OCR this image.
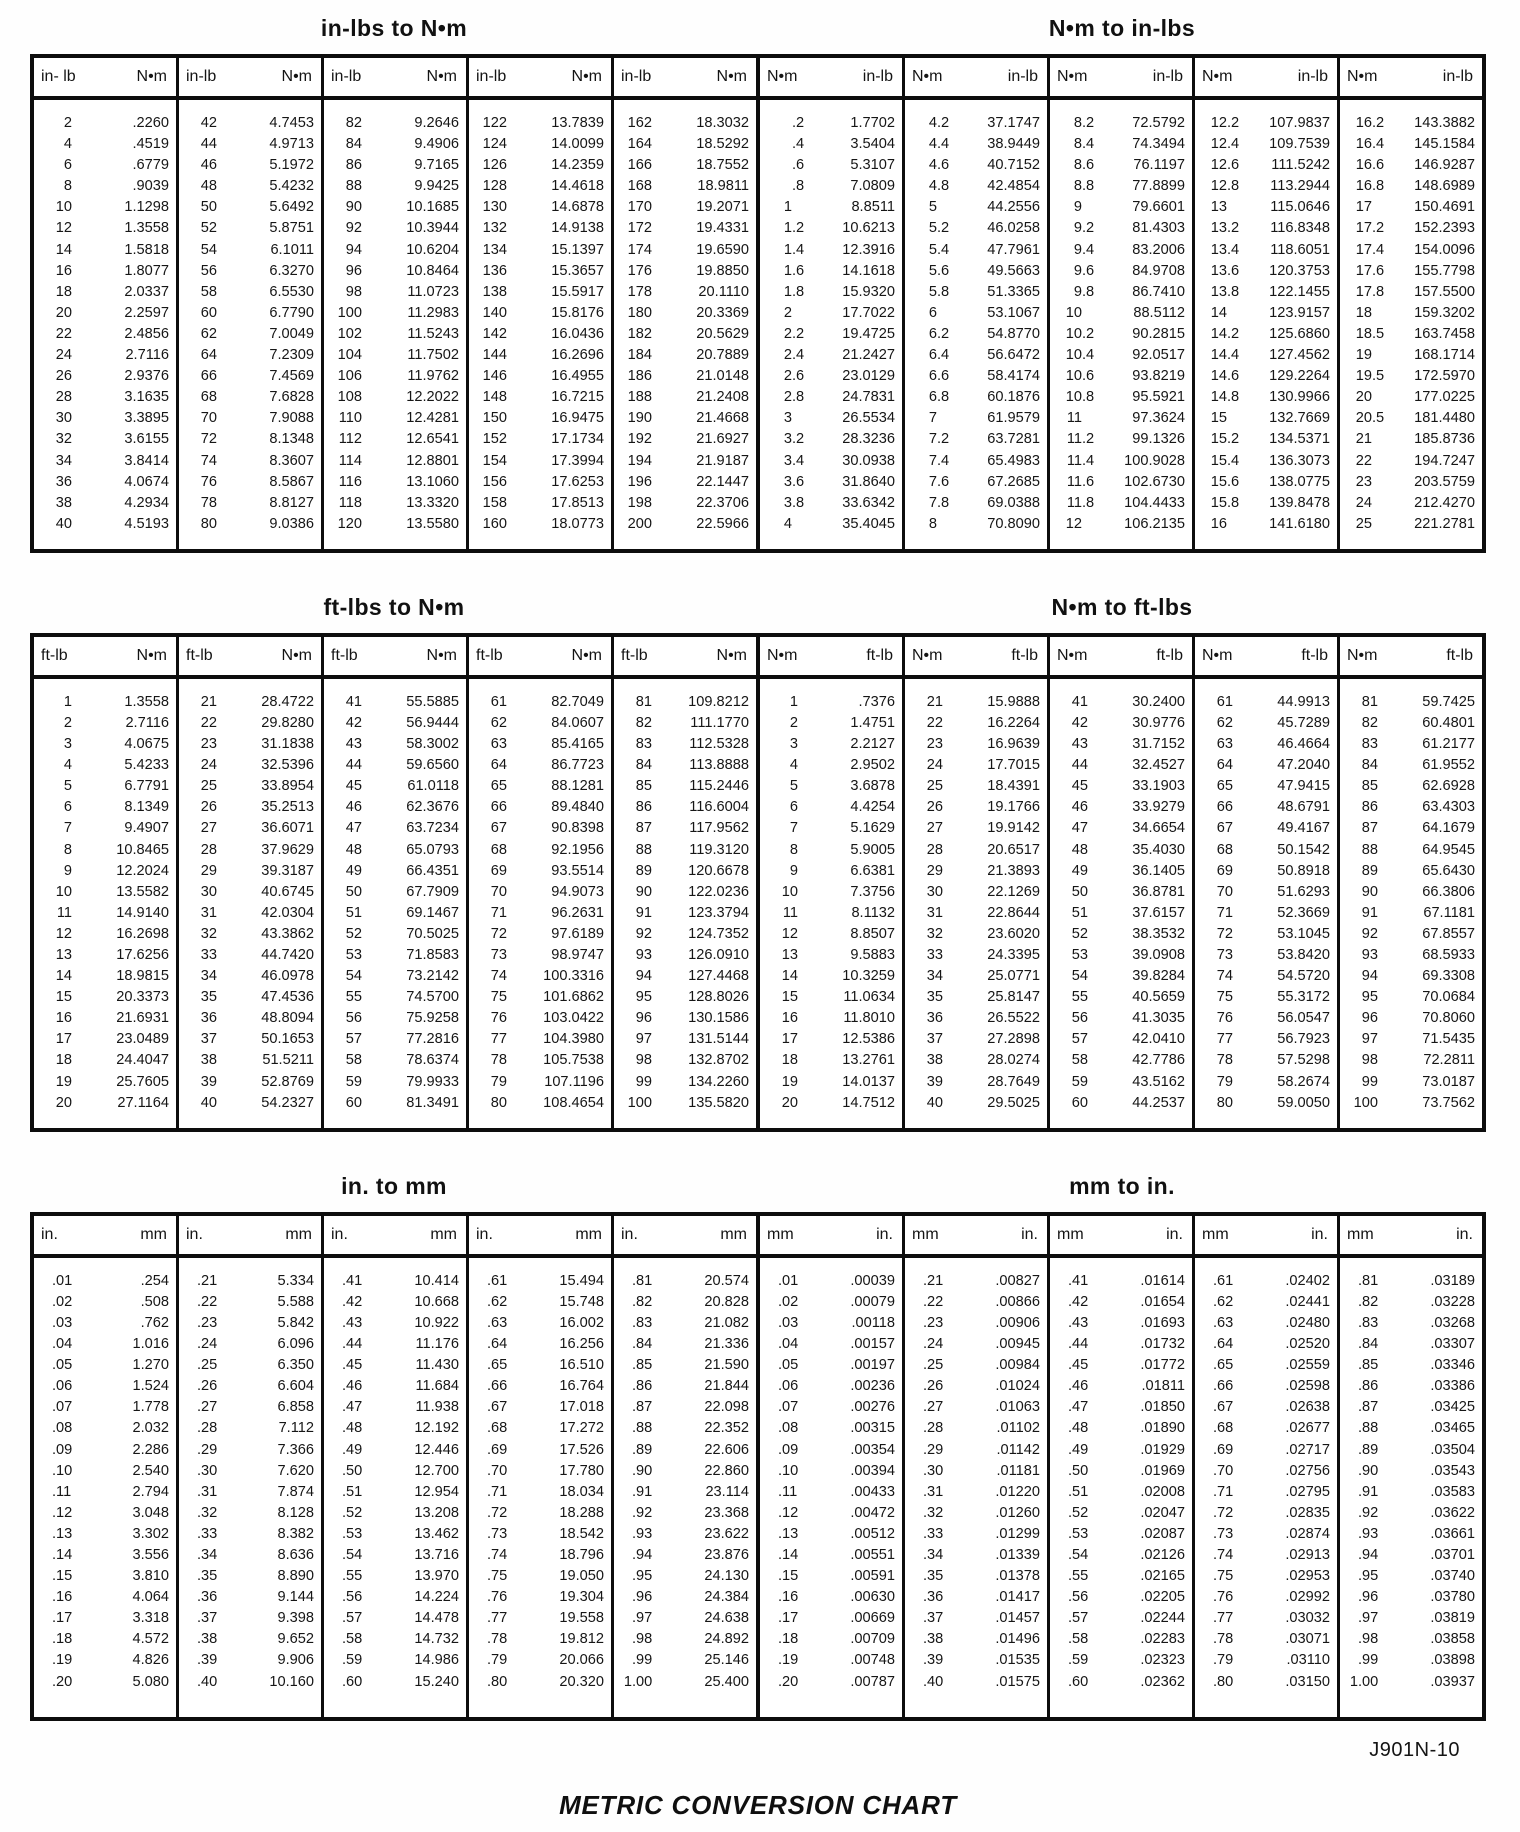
in-lbs to N•m	N•m to in-lbs
in- lb	N•m
2	.2260
4	.4519
6	.6779
8	.9039
10	1.1298
12	1.3558
14	1.5818
16	1.8077
18	2.0337
20	2.2597
22	2.4856
24	2.7116
26	2.9376
28	3.1635
30	3.3895
32	3.6155
34	3.8414
36	4.0674
38	4.2934
40	4.5193
in-lb	N•m
42	4.7453
44	4.9713
46	5.1972
48	5.4232
50	5.6492
52	5.8751
54	6.1011
56	6.3270
58	6.5530
60	6.7790
62	7.0049
64	7.2309
66	7.4569
68	7.6828
70	7.9088
72	8.1348
74	8.3607
76	8.5867
78	8.8127
80	9.0386
in-lb	N•m
82	9.2646
84	9.4906
86	9.7165
88	9.9425
90	10.1685
92	10.3944
94	10.6204
96	10.8464
98	11.0723
100	11.2983
102	11.5243
104	11.7502
106	11.9762
108	12.2022
110	12.4281
112	12.6541
114	12.8801
116	13.1060
118	13.3320
120	13.5580
in-lb	N•m
122	13.7839
124	14.0099
126	14.2359
128	14.4618
130	14.6878
132	14.9138
134	15.1397
136	15.3657
138	15.5917
140	15.8176
142	16.0436
144	16.2696
146	16.4955
148	16.7215
150	16.9475
152	17.1734
154	17.3994
156	17.6253
158	17.8513
160	18.0773
in-lb	N•m
162	18.3032
164	18.5292
166	18.7552
168	18.9811
170	19.2071
172	19.4331
174	19.6590
176	19.8850
178	20.1110
180	20.3369
182	20.5629
184	20.7889
186	21.0148
188	21.2408
190	21.4668
192	21.6927
194	21.9187
196	22.1447
198	22.3706
200	22.5966
N•m	in-lb
.2	1.7702
.4	3.5404
.6	5.3107
.8	7.0809
1	8.8511
1.2	10.6213
1.4	12.3916
1.6	14.1618
1.8	15.9320
2	17.7022
2.2	19.4725
2.4	21.2427
2.6	23.0129
2.8	24.7831
3	26.5534
3.2	28.3236
3.4	30.0938
3.6	31.8640
3.8	33.6342
4	35.4045
N•m	in-lb
4.2	37.1747
4.4	38.9449
4.6	40.7152
4.8	42.4854
5	44.2556
5.2	46.0258
5.4	47.7961
5.6	49.5663
5.8	51.3365
6	53.1067
6.2	54.8770
6.4	56.6472
6.6	58.4174
6.8	60.1876
7	61.9579
7.2	63.7281
7.4	65.4983
7.6	67.2685
7.8	69.0388
8	70.8090
N•m	in-lb
8.2	72.5792
8.4	74.3494
8.6	76.1197
8.8	77.8899
9	79.6601
9.2	81.4303
9.4	83.2006
9.6	84.9708
9.8	86.7410
10	88.5112
10.2	90.2815
10.4	92.0517
10.6	93.8219
10.8	95.5921
11	97.3624
11.2	99.1326
11.4 100.9028
11.6 102.6730
11.8 104.4433
12	106.2135
N•m	in-lb
12.2 107.9837
12.4 109.7539
12.6 111.5242
12.8 113.2944
13	115.0646
13.2 116.8348
13.4 118.6051
13.6 120.3753
13.8 122.1455
14	123.9157
14.2 125.6860
14.4 127.4562
14.6 129.2264
14.8 130.9966
15	132.7669
15.2 134.5371
15.4 136.3073
15.6 138.0775
15.8 139.8478
16	141.6180
N•m	in-lb
16.2 143.3882
16.4 145.1584
16.6 146.9287
16.8 148.6989
17	150.4691
17.2 152.2393
17.4 154.0096
17.6 155.7798
17.8 157.5500
18	159.3202
18.5 163.7458
19	168.1714
19.5 172.5970
20	177.0225
20.5 181.4480
21	185.8736
22	194.7247
23	203.5759
24	212.4270
25	221.2781
ft-lbs to N•m	N•m to ft-lbs
ft-lb	N•m
1	1.3558
2	2.7116
3	4.0675
4	5.4233
5	6.7791
6	8.1349
7	9.4907
8	10.8465
9	12.2024
10	13.5582
11	14.9140
12	16.2698
13	17.6256
14	18.9815
15	20.3373
16	21.6931
17	23.0489
18	24.4047
19	25.7605
20	27.1164
ft-lb	N•m
21	28.4722
22	29.8280
23	31.1838
24	32.5396
25	33.8954
26	35.2513
27	36.6071
28	37.9629
29	39.3187
30	40.6745
31	42.0304
32	43.3862
33	44.7420
34	46.0978
35	47.4536
36	48.8094
37	50.1653
38	51.5211
39	52.8769
40	54.2327
ft-lb	N•m
41	55.5885
42	56.9444
43	58.3002
44	59.6560
45	61.0118
46	62.3676
47	63.7234
48	65.0793
49	66.4351
50	67.7909
51	69.1467
52	70.5025
53	71.8583
54	73.2142
55	74.5700
56	75.9258
57	77.2816
58	78.6374
59	79.9933
60	81.3491
ft-lb	N•m
61	82.7049
62	84.0607
63	85.4165
64	86.7723
65	88.1281
66	89.4840
67	90.8398
68	92.1956
69	93.5514
70	94.9073
71	96.2631
72	97.6189
73	98.9747
74 100.3316
75 101.6862
76 103.0422
77 104.3980
78 105.7538
79	107.1196
80 108.4654
ft-lb	N•m
81 109.8212
82	111.1770
83	112.5328
84	113.8888
85	115.2446
86	116.6004
87	117.9562
88	119.3120
89 120.6678
90 122.0236
91 123.3794
92 124.7352
93 126.0910
94 127.4468
95 128.8026
96 130.1586
97 131.5144
98 132.8702
99 134.2260
100 135.5820
N•m	ft-lb
1	.7376
2	1.4751
3	2.2127
4	2.9502
5	3.6878
6	4.4254
7	5.1629
8	5.9005
9	6.6381
10	7.3756
11	8.1132
12	8.8507
13	9.5883
14	10.3259
15	11.0634
16	11.8010
17	12.5386
18	13.2761
19	14.0137
20	14.7512
N•m	ft-lb
21	15.9888
22	16.2264
23	16.9639
24	17.7015
25	18.4391
26	19.1766
27	19.9142
28	20.6517
29	21.3893
30	22.1269
31	22.8644
32	23.6020
33	24.3395
34	25.0771
35	25.8147
36	26.5522
37	27.2898
38	28.0274
39	28.7649
40	29.5025
N•m	ft-lb
41	30.2400
42	30.9776
43	31.7152
44	32.4527
45	33.1903
46	33.9279
47	34.6654
48	35.4030
49	36.1405
50	36.8781
51	37.6157
52	38.3532
53	39.0908
54	39.8284
55	40.5659
56	41.3035
57	42.0410
58	42.7786
59	43.5162
60	44.2537
N•m	ft-lb
61	44.9913
62	45.7289
63	46.4664
64	47.2040
65	47.9415
66	48.6791
67	49.4167
68	50.1542
69	50.8918
70	51.6293
71	52.3669
72	53.1045
73	53.8420
74	54.5720
75	55.3172
76	56.0547
77	56.7923
78	57.5298
79	58.2674
80	59.0050
N•m	ft-lb
81	59.7425
82	60.4801
83	61.2177
84	61.9552
85	62.6928
86	63.4303
87	64.1679
88	64.9545
89	65.6430
90	66.3806
91	67.1181
92	67.8557
93	68.5933
94	69.3308
95	70.0684
96	70.8060
97	71.5435
98	72.2811
99	73.0187
100	73.7562
in. to mm	mm to in.
in.	mm
.01	.254
.02	.508
.03	.762
.04	1.016
.05	1.270
.06	1.524
.07	1.778
.08	2.032
.09	2.286
.10	2.540
.11	2.794
.12	3.048
.13	3.302
.14	3.556
.15	3.810
.16	4.064
.17	3.318
.18	4.572
.19	4.826
.20	5.080
in.	mm
.21	5.334
.22	5.588
.23	5.842
.24	6.096
.25	6.350
.26	6.604
.27	6.858
.28	7.112
.29	7.366
.30	7.620
.31	7.874
.32	8.128
.33	8.382
.34	8.636
.35	8.890
.36	9.144
.37	9.398
.38	9.652
.39	9.906
.40	10.160
in.	mm
.41	10.414
.42	10.668
.43	10.922
.44	11.176
.45	11.430
.46	11.684
.47	11.938
.48	12.192
.49	12.446
.50	12.700
.51	12.954
.52	13.208
.53	13.462
.54	13.716
.55	13.970
.56	14.224
.57	14.478
.58	14.732
.59	14.986
.60	15.240
in.	mm
.61	15.494
.62	15.748
.63	16.002
.64	16.256
.65	16.510
.66	16.764
.67	17.018
.68	17.272
.69	17.526
.70	17.780
.71	18.034
.72	18.288
.73	18.542
.74	18.796
.75	19.050
.76	19.304
.77	19.558
.78	19.812
.79	20.066
.80	20.320
in.	mm
.81	20.574
.82	20.828
.83	21.082
.84	21.336
.85	21.590
.86	21.844
.87	22.098
.88	22.352
.89	22.606
.90	22.860
.91	23.114
.92	23.368
.93	23.622
.94	23.876
.95	24.130
.96	24.384
.97	24.638
.98	24.892
.99	25.146
1.00	25.400
mm	in.
.01	.00039
.02	.00079
.03	.00118
.04	.00157
.05	.00197
.06	.00236
.07	.00276
.08	.00315
.09	.00354
.10	.00394
.11	.00433
.12	.00472
.13	.00512
.14	.00551
.15	.00591
.16	.00630
.17	.00669
.18	.00709
.19	.00748
.20	.00787
mm	in.
.21	.00827
.22	.00866
.23	.00906
.24	.00945
.25	.00984
.26	.01024
.27	.01063
.28	.01102
.29	.01142
.30	.01181
.31	.01220
.32	.01260
.33	.01299
.34	.01339
.35	.01378
.36	.01417
.37	.01457
.38	.01496
.39	.01535
.40	.01575
mm	in.
.41	.01614
.42	.01654
.43	.01693
.44	.01732
.45	.01772
.46	.01811
.47	.01850
.48	.01890
.49	.01929
.50	.01969
.51	.02008
.52	.02047
.53	.02087
.54	.02126
.55	.02165
.56	.02205
.57	.02244
.58	.02283
.59	.02323
.60	.02362
mm	in.
.61	.02402
.62	.02441
.63	.02480
.64	.02520
.65	.02559
.66	.02598
.67	.02638
.68	.02677
.69	.02717
.70	.02756
.71	.02795
.72	.02835
.73	.02874
.74	.02913
.75	.02953
.76	.02992
.77	.03032
.78	.03071
.79	.03110
.80	.03150
mm	in.
.81	.03189
.82	.03228
.83	.03268
.84	.03307
.85	.03346
.86	.03386
.87	.03425
.88	.03465
.89	.03504
.90	.03543
.91	.03583
.92	.03622
.93	.03661
.94	.03701
.95	.03740
.96	.03780
.97	.03819
.98	.03858
.99	.03898
1.00	.03937
J901N-10
METRIC CONVERSION CHART
